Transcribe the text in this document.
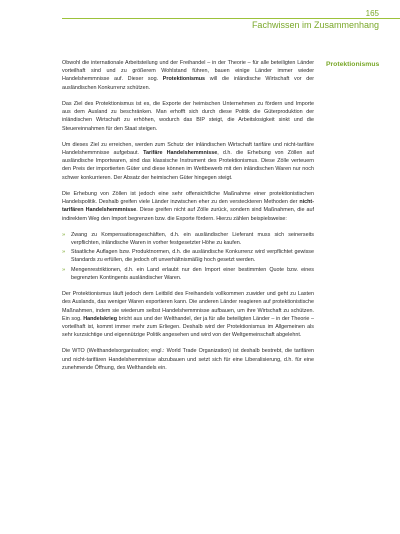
165
Fachwissen im Zusammenhang
Protektionismus

Obwohl die internationale Arbeitsteilung und der Freihandel – in der Theorie – für alle beteiligten Länder vorteilhaft sind und zu größerem Wohlstand führen, bauen einige Länder immer wieder Handelshemmnisse auf. Dieser sog. Protektionismus will die inländische Wirtschaft vor der ausländischen Konkurrenz schützen.

Das Ziel des Protektionismus ist es, die Exporte der heimischen Unternehmen zu fördern und Importe aus dem Ausland zu beschränken. Man erhofft sich durch diese Politik die Güterproduktion der inländischen Wirtschaft zu erhöhen, wodurch das BIP steigt, die Arbeitslosigkeit sinkt und die Steuereinnahmen für den Staat steigen.

Um dieses Ziel zu erreichen, werden zum Schutz der inländischen Wirtschaft tarifäre und nicht-tarifäre Handelshemmnisse aufgebaut. Tarifäre Handelshemmnisse, d.h. die Erhebung von Zöllen auf ausländische Importwaren, sind das klassische Instrument des Protektionismus. Diese Zölle verteuern den Preis der importierten Güter und diese können im Wettbewerb mit den inländischen Waren nur noch schwer konkurrieren. Der Absatz der heimischen Güter hingegen steigt.

Die Erhebung von Zöllen ist jedoch eine sehr offensichtliche Maßnahme einer protektionistischen Handelspolitik. Deshalb greifen viele Länder inzwischen eher zu den versteckteren Methoden der nicht-tarifären Handelshemmnisse. Diese greifen nicht auf Zölle zurück, sondern sind Maßnahmen, die auf indirektem Weg den Import begrenzen bzw. die Exporte fördern. Hierzu zählen beispielsweise:

» Zwang zu Kompensationsgeschäften, d.h. ein ausländischer Lieferant muss sich seinerseits verpflichten, inländische Waren in vorher festgesetzter Höhe zu kaufen.
» Staatliche Auflagen bzw. Produktnormen, d.h. die ausländische Konkurrenz wird verpflichtet gewisse Standards zu erfüllen, die jedoch oft unverhältnismäßig hoch gesetzt werden.
» Mengenrestriktionen, d.h. ein Land erlaubt nur den Import einer bestimmten Quote bzw. eines begrenzten Kontingents ausländischer Waren.

Der Protektionismus läuft jedoch dem Leitbild des Freihandels vollkommen zuwider und geht zu Lasten des Auslands, das weniger Waren exportieren kann. Die anderen Länder reagieren auf protektionistische Maßnahmen, indem sie wiederum selbst Handelshemmnisse aufbauen, um ihre Wirtschaft zu schützen. Ein sog. Handelskrieg bricht aus und der Welthandel, der ja für alle beteiligten Länder – in der Theorie – vorteilhaft ist, kommt immer mehr zum Erliegen. Deshalb wird der Protektionismus im Allgemeinen als sehr kurzsichtige und eigennützige Politik angesehen und wird von der Weltgemeinschaft abgelehnt.

Die WTO (Welthandelsorganisation; engl.: World Trade Organization) ist deshalb bestrebt, die tarifären und nicht-tarifären Handelshemmnisse abzubauen und setzt sich für eine Liberalisierung, d.h. für eine zunehmende Öffnung, des Welthandels ein.
